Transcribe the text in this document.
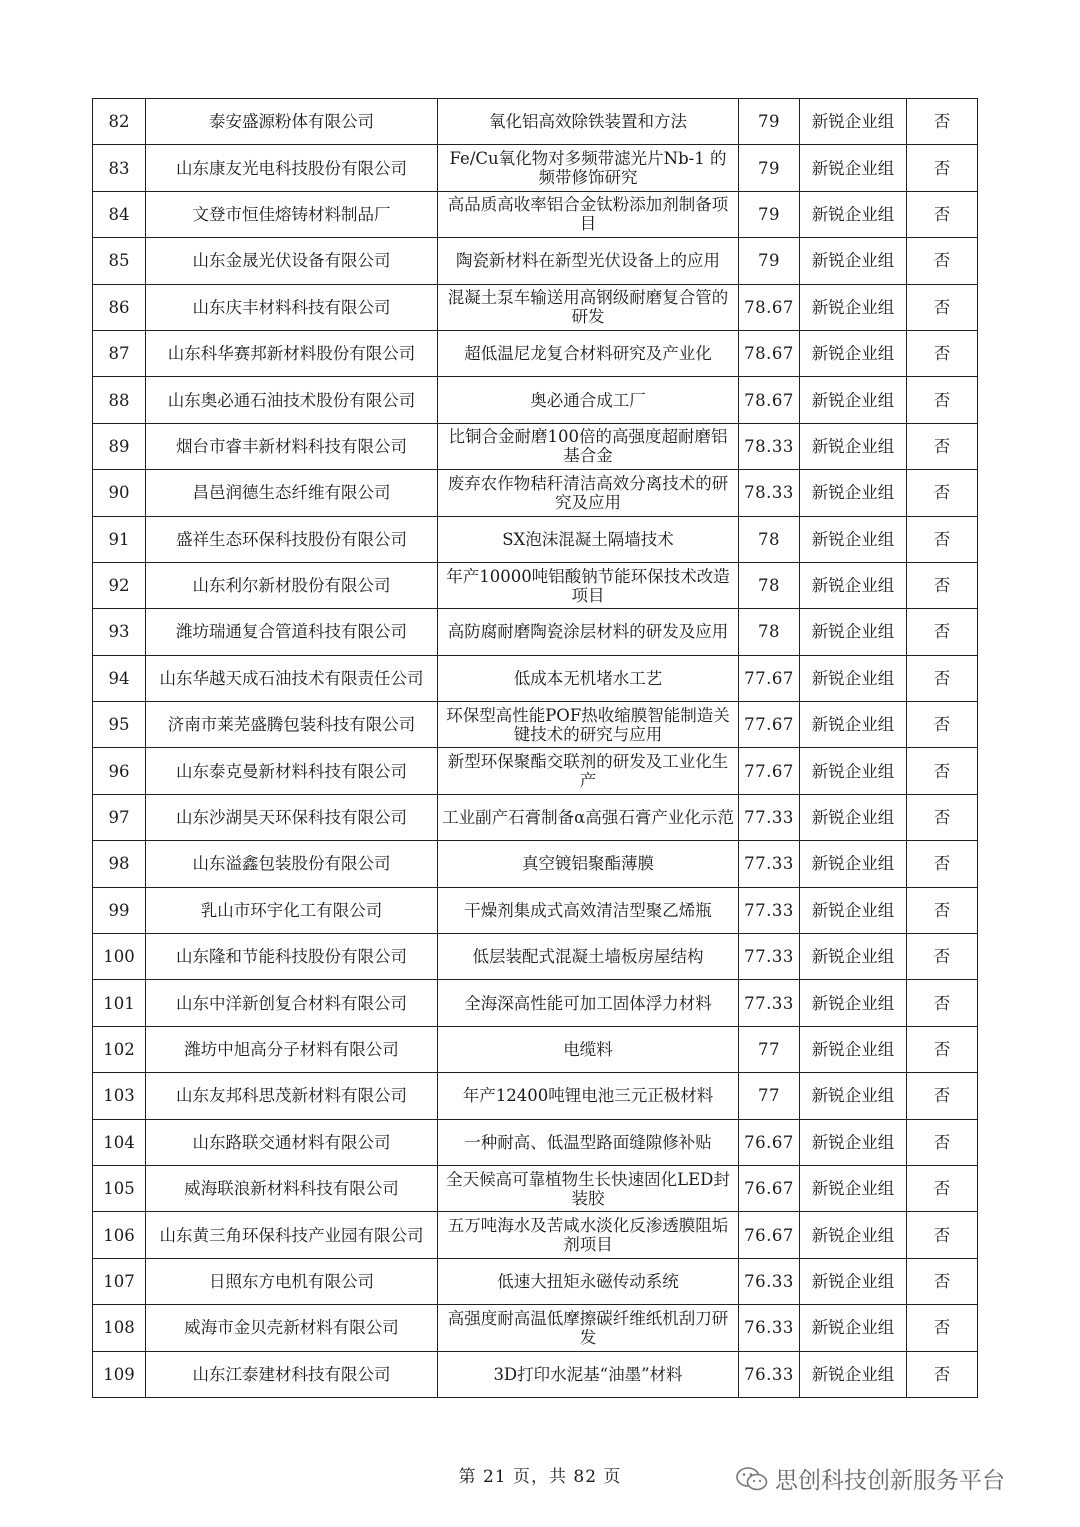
82	泰安盛源粉体有限公司	氧化铝高效除铁装置和方法	79	新锐企业组	否
83	山东康友光电科技股份有限公司	Fe/Cu氧化物对多频带滤光片Nb-1 的频带修饰研究	79	新锐企业组	否
84	文登市恒佳熔铸材料制品厂	高品质高收率铝合金钛粉添加剂制备项目	79	新锐企业组	否
85	山东金晟光伏设备有限公司	陶瓷新材料在新型光伏设备上的应用	79	新锐企业组	否
86	山东庆丰材料科技有限公司	混凝土泵车输送用高钢级耐磨复合管的研发	78.67	新锐企业组	否
87	山东科华赛邦新材料股份有限公司	超低温尼龙复合材料研究及产业化	78.67	新锐企业组	否
88	山东奥必通石油技术股份有限公司	奥必通合成工厂	78.67	新锐企业组	否
89	烟台市睿丰新材料科技有限公司	比铜合金耐磨100倍的高强度超耐磨铝基合金	78.33	新锐企业组	否
90	昌邑润德生态纤维有限公司	废弃农作物秸秆清洁高效分离技术的研究及应用	78.33	新锐企业组	否
91	盛祥生态环保科技股份有限公司	SX泡沫混凝土隔墙技术	78	新锐企业组	否
92	山东利尔新材股份有限公司	年产10000吨铝酸钠节能环保技术改造项目	78	新锐企业组	否
93	潍坊瑞通复合管道科技有限公司	高防腐耐磨陶瓷涂层材料的研发及应用	78	新锐企业组	否
94	山东华越天成石油技术有限责任公司	低成本无机堵水工艺	77.67	新锐企业组	否
95	济南市莱芜盛腾包装科技有限公司	环保型高性能POF热收缩膜智能制造关键技术的研究与应用	77.67	新锐企业组	否
96	山东泰克曼新材料科技有限公司	新型环保聚酯交联剂的研发及工业化生产	77.67	新锐企业组	否
97	山东沙湖昊天环保科技有限公司	工业副产石膏制备α高强石膏产业化示范	77.33	新锐企业组	否
98	山东溢鑫包装股份有限公司	真空镀铝聚酯薄膜	77.33	新锐企业组	否
99	乳山市环宇化工有限公司	干燥剂集成式高效清洁型聚乙烯瓶	77.33	新锐企业组	否
100	山东隆和节能科技股份有限公司	低层装配式混凝土墙板房屋结构	77.33	新锐企业组	否
101	山东中洋新创复合材料有限公司	全海深高性能可加工固体浮力材料	77.33	新锐企业组	否
102	潍坊中旭高分子材料有限公司	电缆料	77	新锐企业组	否
103	山东友邦科思茂新材料有限公司	年产12400吨锂电池三元正极材料	77	新锐企业组	否
104	山东路联交通材料有限公司	一种耐高、低温型路面缝隙修补贴	76.67	新锐企业组	否
105	威海联浪新材料科技有限公司	全天候高可靠植物生长快速固化LED封装胶	76.67	新锐企业组	否
106	山东黄三角环保科技产业园有限公司	五万吨海水及苦咸水淡化反渗透膜阻垢剂项目	76.67	新锐企业组	否
107	日照东方电机有限公司	低速大扭矩永磁传动系统	76.33	新锐企业组	否
108	威海市金贝壳新材料有限公司	高强度耐高温低摩擦碳纤维纸机刮刀研发	76.33	新锐企业组	否
109	山东江泰建材科技有限公司	3D打印水泥基“油墨”材料	76.33	新锐企业组	否
第 21 页，共 82 页	思创科技创新服务平台
